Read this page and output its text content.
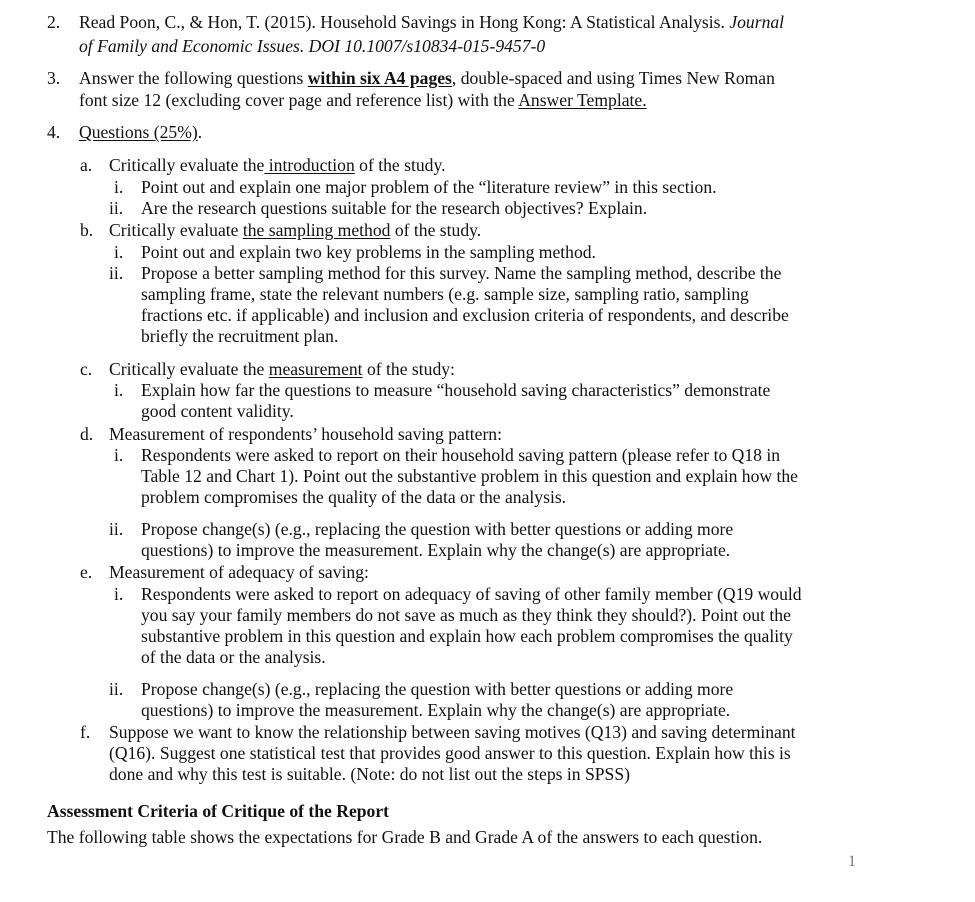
2. Read Poon, C., & Hon, T. (2015). Household Savings in Hong Kong: A Statistical Analysis. Journal
of Family and Economic Issues. DOI 10.1007/s10834-015-9457-0
3. Answer the following questions within six A4 pages, double-spaced and using Times New Roman
font size 12 (excluding cover page and reference list) with the Answer Template.
4. Questions (25%).
a. Critically evaluate the introduction of the study.
i. Point out and explain one major problem of the “literature review” in this section.
ii. Are the research questions suitable for the research objectives? Explain.
b. Critically evaluate the sampling method of the study.
i. Point out and explain two key problems in the sampling method.
ii. Propose a better sampling method for this survey. Name the sampling method, describe the
sampling frame, state the relevant numbers (e.g. sample size, sampling ratio, sampling
fractions etc. if applicable) and inclusion and exclusion criteria of respondents, and describe
briefly the recruitment plan.
c. Critically evaluate the measurement of the study:
i. Explain how far the questions to measure “household saving characteristics” demonstrate
good content validity.
d. Measurement of respondents’ household saving pattern:
i. Respondents were asked to report on their household saving pattern (please refer to Q18 in
Table 12 and Chart 1). Point out the substantive problem in this question and explain how the
problem compromises the quality of the data or the analysis.
ii. Propose change(s) (e.g., replacing the question with better questions or adding more
questions) to improve the measurement. Explain why the change(s) are appropriate.
e. Measurement of adequacy of saving:
i. Respondents were asked to report on adequacy of saving of other family member (Q19 would
you say your family members do not save as much as they think they should?). Point out the
substantive problem in this question and explain how each problem compromises the quality
of the data or the analysis.
ii. Propose change(s) (e.g., replacing the question with better questions or adding more
questions) to improve the measurement. Explain why the change(s) are appropriate.
f. Suppose we want to know the relationship between saving motives (Q13) and saving determinant
(Q16). Suggest one statistical test that provides good answer to this question. Explain how this is
done and why this test is suitable. (Note: do not list out the steps in SPSS)
Assessment Criteria of Critique of the Report
The following table shows the expectations for Grade B and Grade A of the answers to each question.
1
